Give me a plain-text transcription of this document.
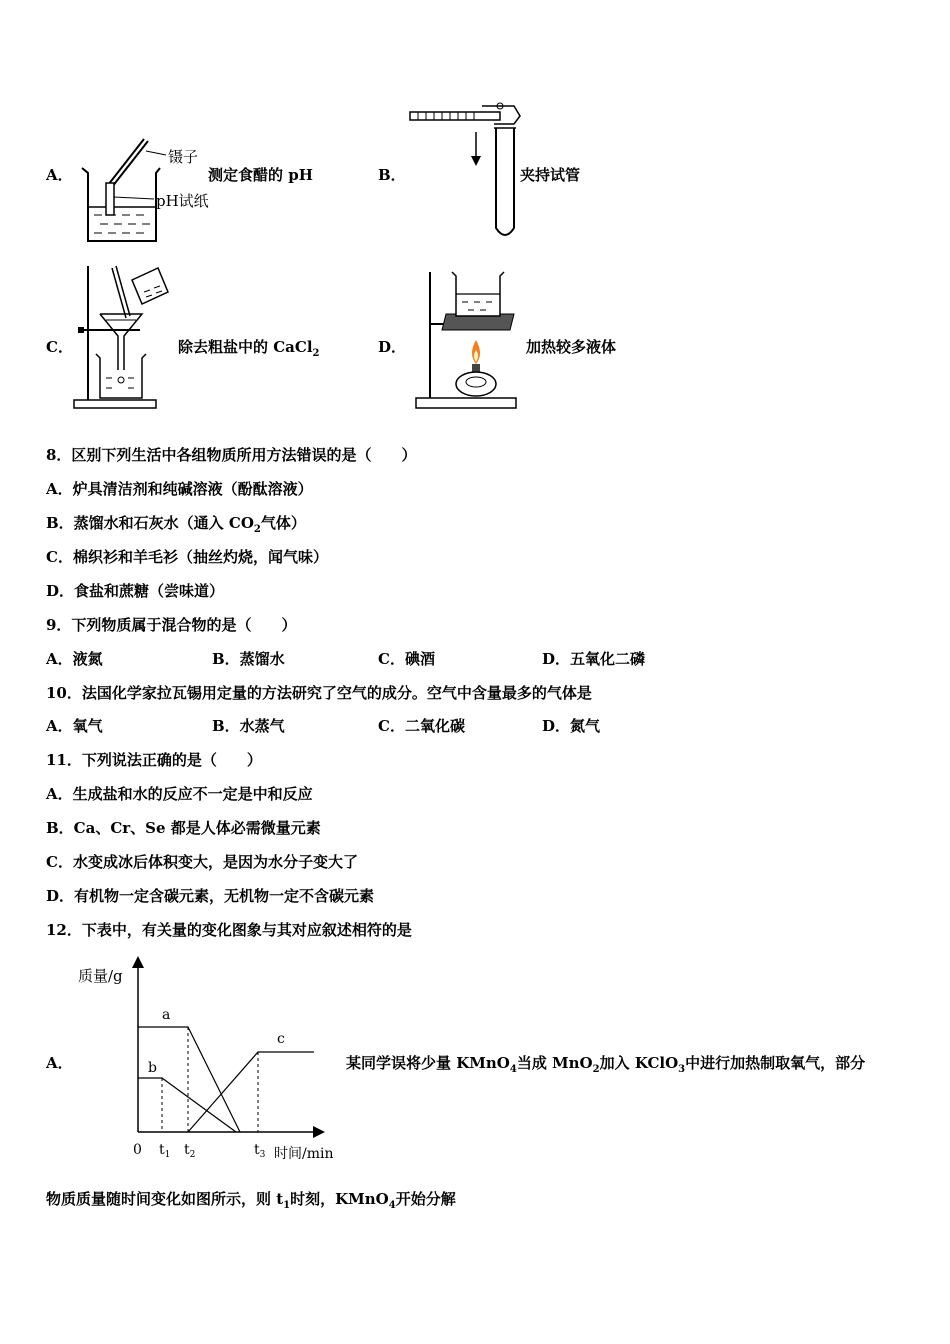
A．
镊子
pH试纸
测定食醋的 pH	B．	夹持试管
C．	除去粗盐中的 CaCl$_2$	D．	加热较多液体
8．区别下列生活中各组物质所用方法错误的是（　　）
A．炉具清洁剂和纯碱溶液（酚酞溶液）
B．蒸馏水和石灰水（通入 $CO_2$气体）
C．棉织衫和羊毛衫（抽丝灼烧，闻气味）
D．食盐和蔗糖（尝味道）
9．下列物质属于混合物的是（　　）
A．液氮	B．蒸馏水	C．碘酒	D．五氧化二磷
10．法国化学家拉瓦锡用定量的方法研究了空气的成分。空气中含量最多的气体是
A．氧气	B．水蒸气	C．二氧化碳	D．氮气
11．下列说法正确的是（　　）
A．生成盐和水的反应不一定是中和反应
B．Ca、Cr、Se 都是人体必需微量元素
C．水变成冰后体积变大，是因为水分子变大了
D．有机物一定含碳元素，无机物一定不含碳元素
12．下表中，有关量的变化图象与其对应叙述相符的是
A．
质量/g
a
b
c
0 $t_1$ $t_2$	$t_3$ 时间/min
某同学误将少量 KMnO$_4$当成 MnO$_2$加入 KClO$_3$中进行加热制取氧气，部分
物质质量随时间变化如图所示，则 $t_1$时刻，KMnO$_4$开始分解
